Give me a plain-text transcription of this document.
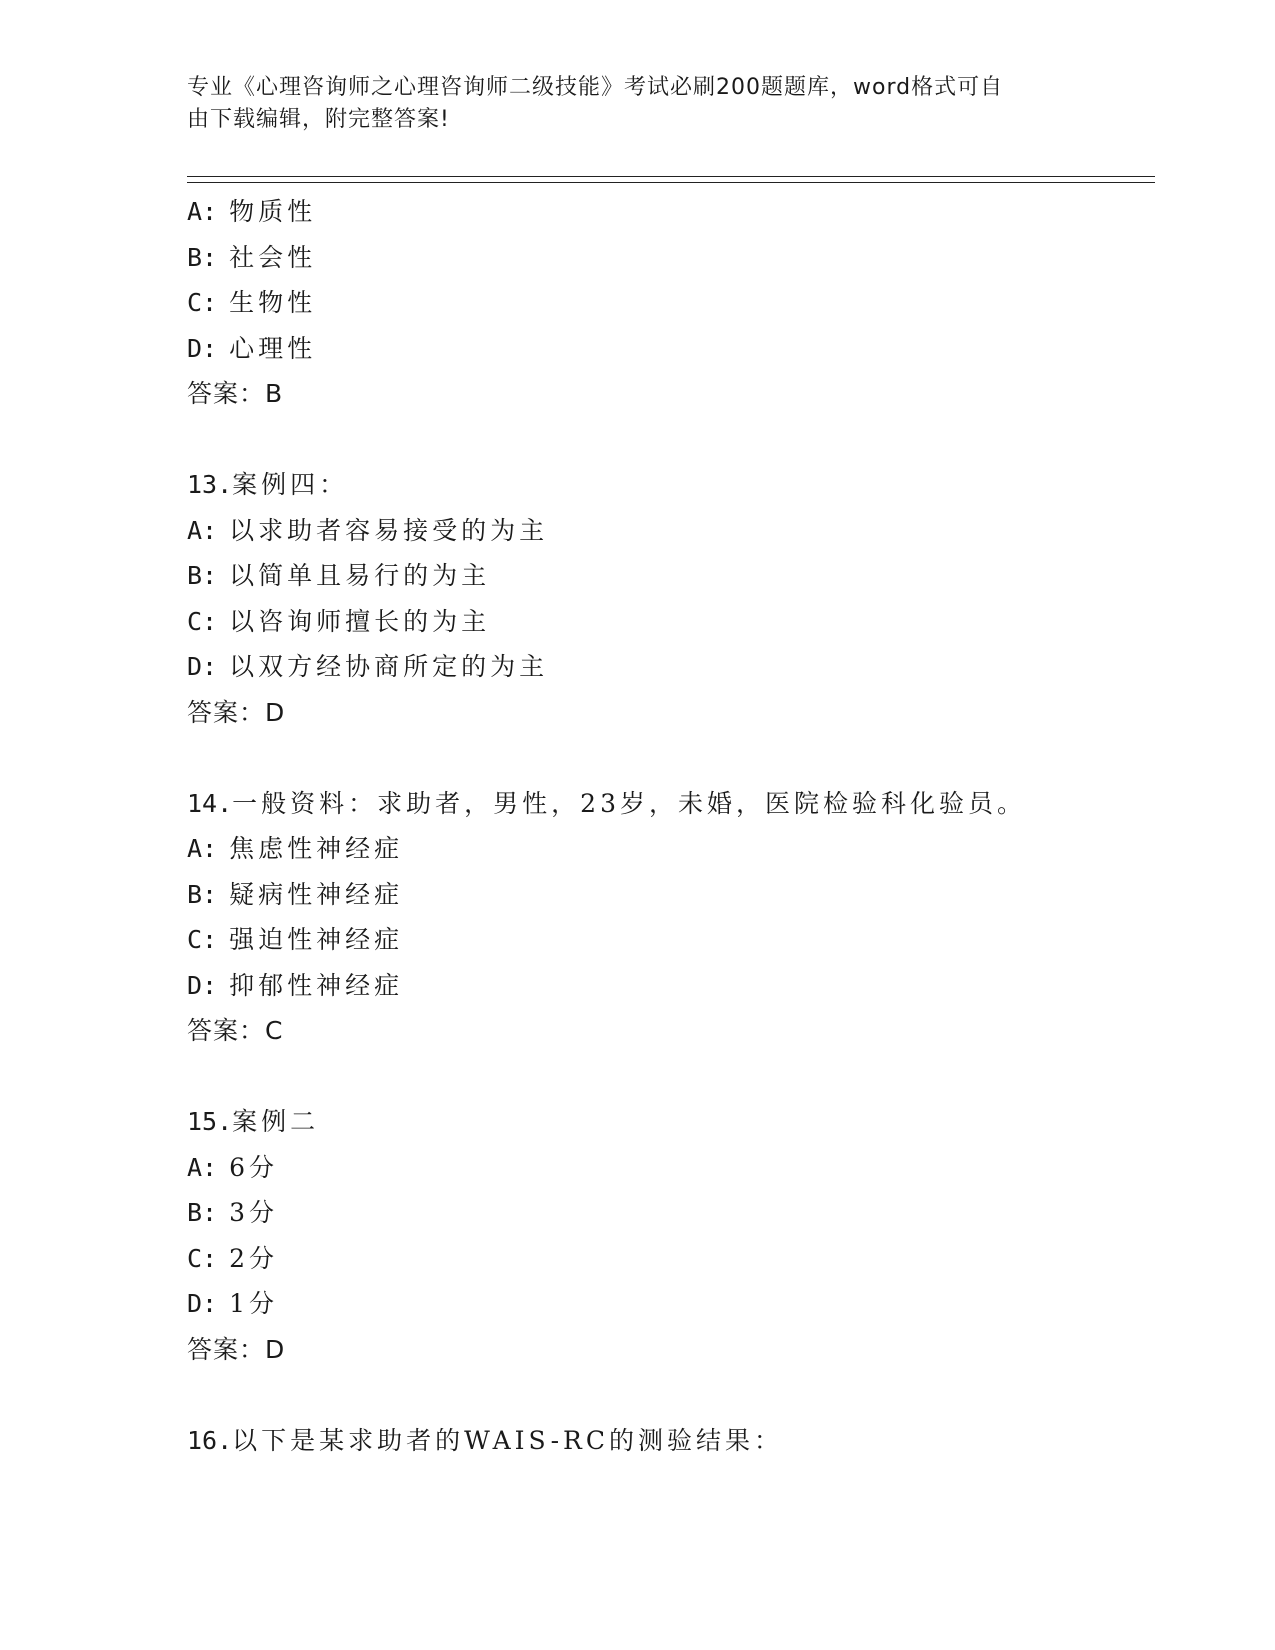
专业《心理咨询师之心理咨询师二级技能》考试必刷200题题库，word格式可自
由下载编辑，附完整答案!
A: 物质性
B: 社会性
C: 生物性
D: 心理性
答案：B
13.案例四：
A: 以求助者容易接受的为主
B: 以简单且易行的为主
C: 以咨询师擅长的为主
D: 以双方经协商所定的为主
答案：D
14.一般资料：求助者，男性，23岁，未婚，医院检验科化验员。
A: 焦虑性神经症
B: 疑病性神经症
C: 强迫性神经症
D: 抑郁性神经症
答案：C
15.案例二
A: 6分
B: 3分
C: 2分
D: 1分
答案：D
16.以下是某求助者的WAIS-RC的测验结果：
